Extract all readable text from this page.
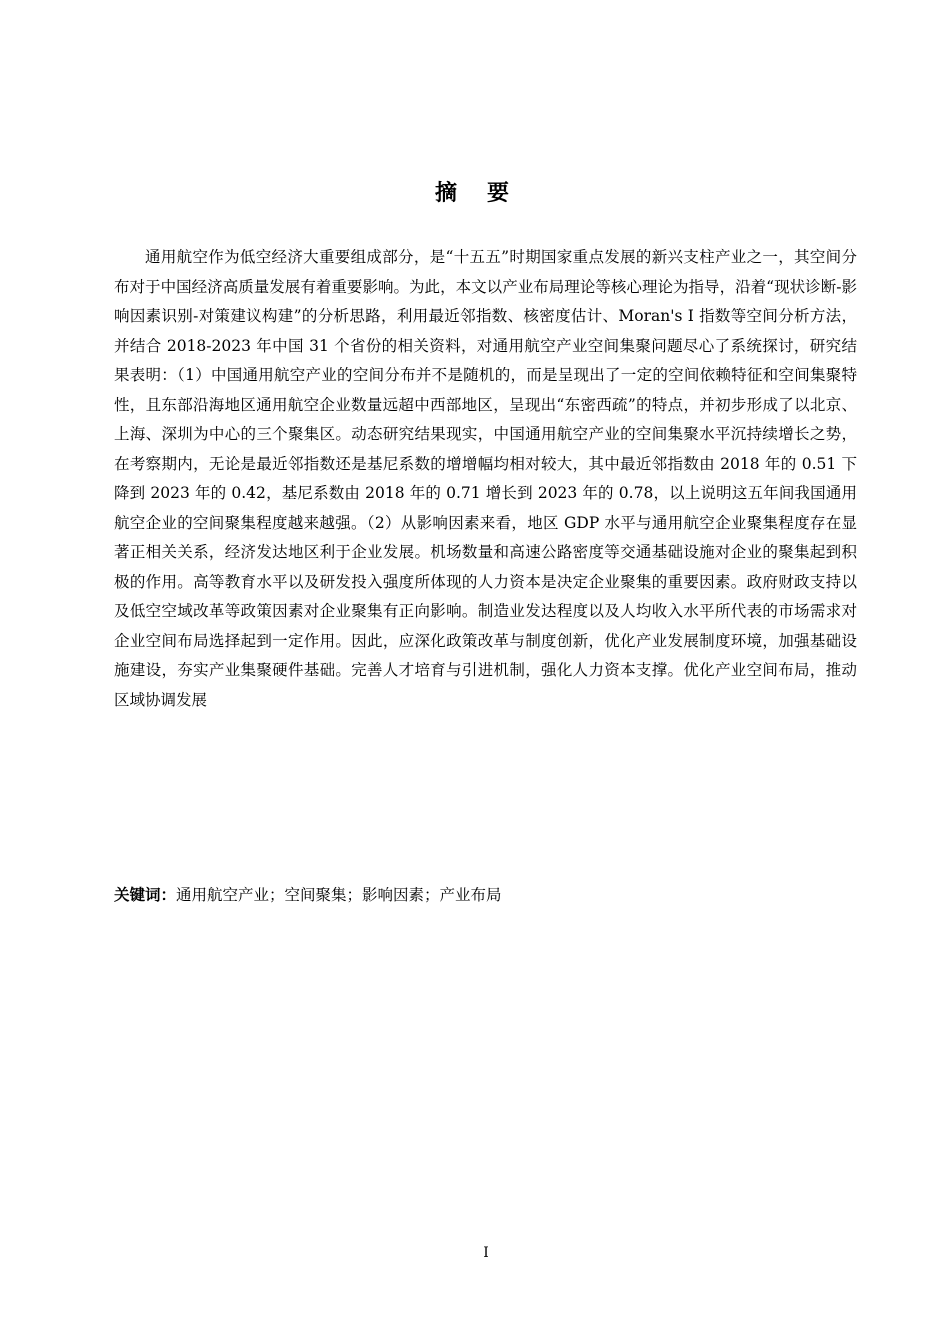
摘要

通用航空作为低空经济大重要组成部分，是“十五五”时期国家重点发展的新兴支柱产业之一，其空间分布对于中国经济高质量发展有着重要影响。为此，本文以产业布局理论等核心理论为指导，沿着“现状诊断-影响因素识别-对策建议构建”的分析思路，利用最近邻指数、核密度估计、Moran's I 指数等空间分析方法，并结合 2018-2023 年中国 31 个省份的相关资料，对通用航空产业空间集聚问题尽心了系统探讨，研究结果表明：（1）中国通用航空产业的空间分布并不是随机的，而是呈现出了一定的空间依赖特征和空间集聚特性，且东部沿海地区通用航空企业数量远超中西部地区，呈现出“东密西疏”的特点，并初步形成了以北京、上海、深圳为中心的三个聚集区。动态研究结果现实，中国通用航空产业的空间集聚水平沉持续增长之势，在考察期内，无论是最近邻指数还是基尼系数的增增幅均相对较大，其中最近邻指数由 2018 年的 0.51 下降到 2023 年的 0.42，基尼系数由 2018 年的 0.71 增长到 2023 年的 0.78，以上说明这五年间我国通用航空企业的空间聚集程度越来越强。（2）从影响因素来看，地区 GDP 水平与通用航空企业聚集程度存在显著正相关关系，经济发达地区利于企业发展。机场数量和高速公路密度等交通基础设施对企业的聚集起到积极的作用。高等教育水平以及研发投入强度所体现的人力资本是决定企业聚集的重要因素。政府财政支持以及低空空域改革等政策因素对企业聚集有正向影响。制造业发达程度以及人均收入水平所代表的市场需求对企业空间布局选择起到一定作用。因此，应深化政策改革与制度创新，优化产业发展制度环境，加强基础设施建设，夯实产业集聚硬件基础。完善人才培育与引进机制，强化人力资本支撑。优化产业空间布局，推动区域协调发展

关键词：通用航空产业；空间聚集；影响因素；产业布局

I
